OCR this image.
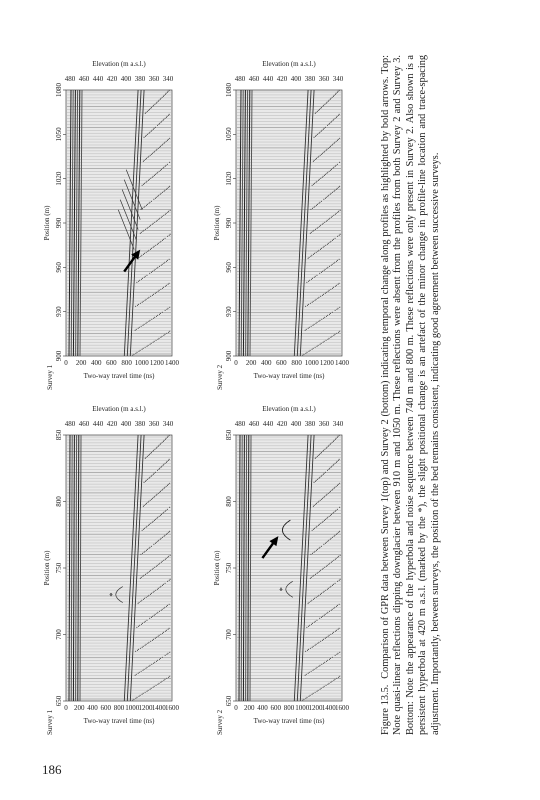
186
Survey 1
Position (m)
650
700
750
800
850
Two-way travel time (ns)
0 200 400 600 800 1000 1200 1400 1600
Elevation (m a.s.l.)
480 460 440 420 400 380 360 340
*
Survey 1
Position (m)
900
930
960
990
1020
1050
1080
Two-way travel time (ns)
0 200 400 600 800 1000 1200 1400
Elevation (m a.s.l.)
480 460 440 420 400 380 360 340
Survey 2
Position (m)
650
700
750
800
850
Two-way travel time (ns)
0 200 400 600 800 1000 1200 1400 1600
Elevation (m a.s.l.)
480 460 440 420 400 380 360 340
*
Survey 2
Position (m)
900
930
960
990
1020
1050
1080
Two-way travel time (ns)
0 200 400 600 800 1000 1200 1400
Elevation (m a.s.l.)
480 460 440 420 400 380 360 340
Figure 13.5.Comparison of GPR data between Survey 1(top) and Survey 2 (bottom) indicating temporal change along profiles as highlighted by bold arrows. Top: Note quasi-linear reflections dipping downglacier between 910 m and 1050 m. These reflections were absent from the profiles from both Survey 2 and Survey 3. Bottom: Note the appearance of the hyperbola and noise sequence between 740 m and 800 m. These reflections were only present in Survey 2. Also shown is a persistent hyperbola at 420 m a.s.l. (marked by the *), the slight positional change is an artefact of the minor change in profile-line location and trace-spacing adjustment. Importantly, between surveys, the position of the bed remains consistent, indicating good agreement between successive surveys.
